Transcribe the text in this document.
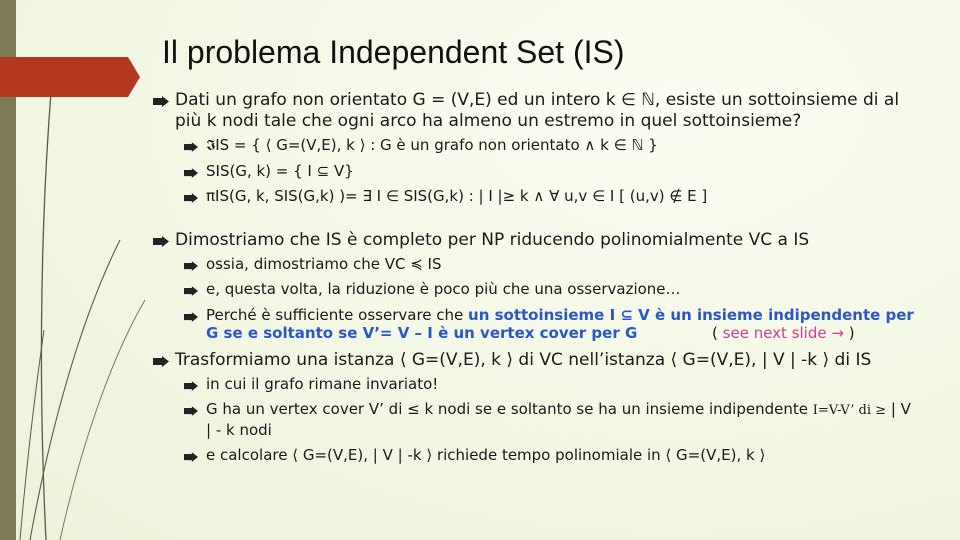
Il problema Independent Set (IS)
Dati un grafo non orientato G = (V,E) ed un intero k ∈ ℕ, esiste un sottoinsieme di al più k nodi tale che ogni arco ha almeno un estremo in quel sottoinsieme?
𝕴IS = { ⟨ G=(V,E), k ⟩ : G è un grafo non orientato ∧ k ∈ ℕ }
SIS(G, k) = { I ⊆ V}
πIS(G, k, SIS(G,k) )= ∃ I ∈ SIS(G,k) : | I |≥ k ∧ ∀ u,v ∈ I [ (u,v) ∉ E ]
Dimostriamo che IS è completo per NP riducendo polinomialmente VC a IS
ossia, dimostriamo che VC ≼ IS
e, questa volta, la riduzione è poco più che una osservazione…
Perché è sufficiente osservare che un sottoinsieme I ⊆ V è un insieme indipendente per G se e soltanto se V’= V – I è un vertex cover per G	( see next slide → )
Trasformiamo una istanza ⟨ G=(V,E), k ⟩ di VC nell’istanza ⟨ G=(V,E), | V | -k ⟩ di IS
in cui il grafo rimane invariato!
G ha un vertex cover V’ di ≤ k nodi se e soltanto se ha un insieme indipendente I=V-V’ di ≥ | V | - k nodi
e calcolare ⟨ G=(V,E), | V | -k ⟩ richiede tempo polinomiale in ⟨ G=(V,E), k ⟩
